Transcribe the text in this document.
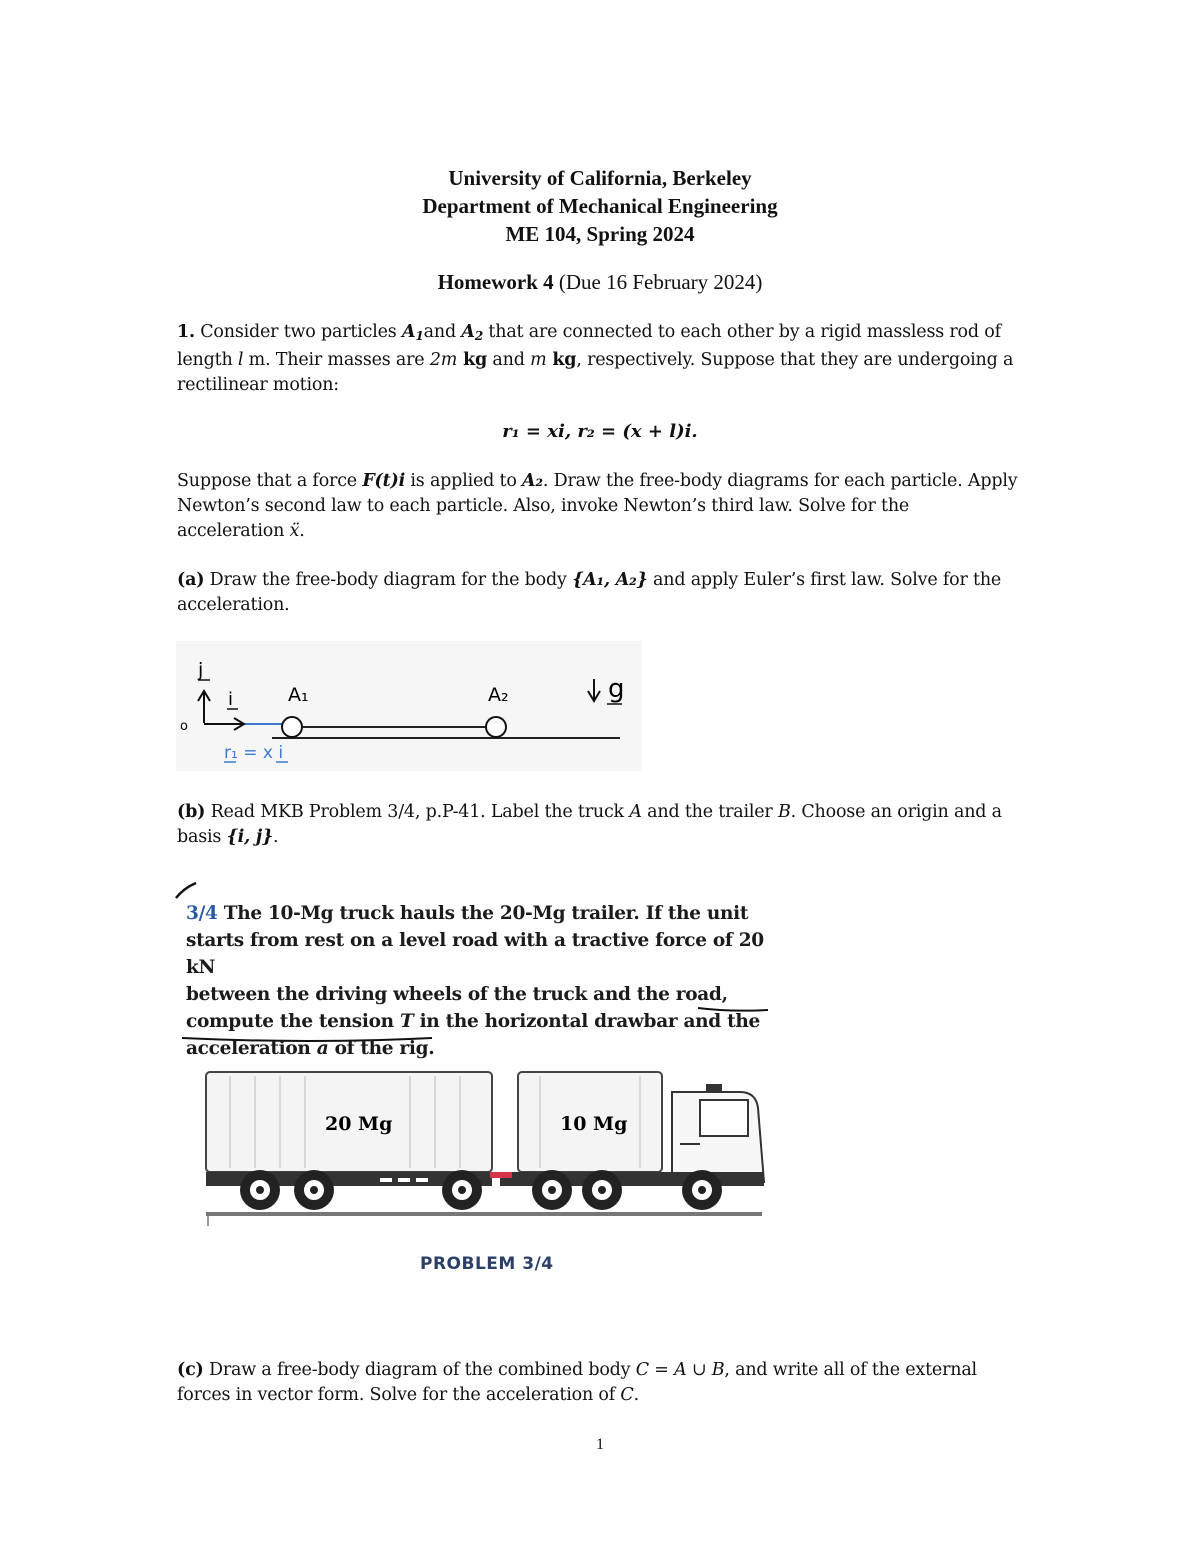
University of California, Berkeley
Department of Mechanical Engineering
ME 104, Spring 2024
Homework 4 (Due 16 February 2024)
1. Consider two particles $A_1and$ $A_2$ that are connected to each other by a rigid massless rod of
length l m. Their masses are 2m kg and m kg, respectively. Suppose that they are undergoing a
rectilinear motion:
r₁ = xi, r₂ = (x + l)i.
Suppose that a force F(t)i is applied to A₂. Draw the free-body diagrams for each particle. Apply
Newton’s second law to each particle. Also, invoke Newton’s third law. Solve for the
acceleration ẍ.
(a) Draw the free-body diagram for the body {A₁, A₂} and apply Euler’s first law. Solve for the
acceleration.
j
i
o
A₁	A₂	g
r₁ = x i
(b) Read MKB Problem 3/4, p.P-41. Label the truck A and the trailer B. Choose an origin and a
basis {i, j}.
3/4 The 10-Mg truck hauls the 20-Mg trailer. If the unit
starts from rest on a level road with a tractive force of 20 kN
between the driving wheels of the truck and the road,
compute the tension T in the horizontal drawbar and the
acceleration a of the rig.
20 Mg	10 Mg
PROBLEM 3/4
(c) Draw a free-body diagram of the combined body C = A ∪ B, and write all of the external
forces in vector form. Solve for the acceleration of C.
1
